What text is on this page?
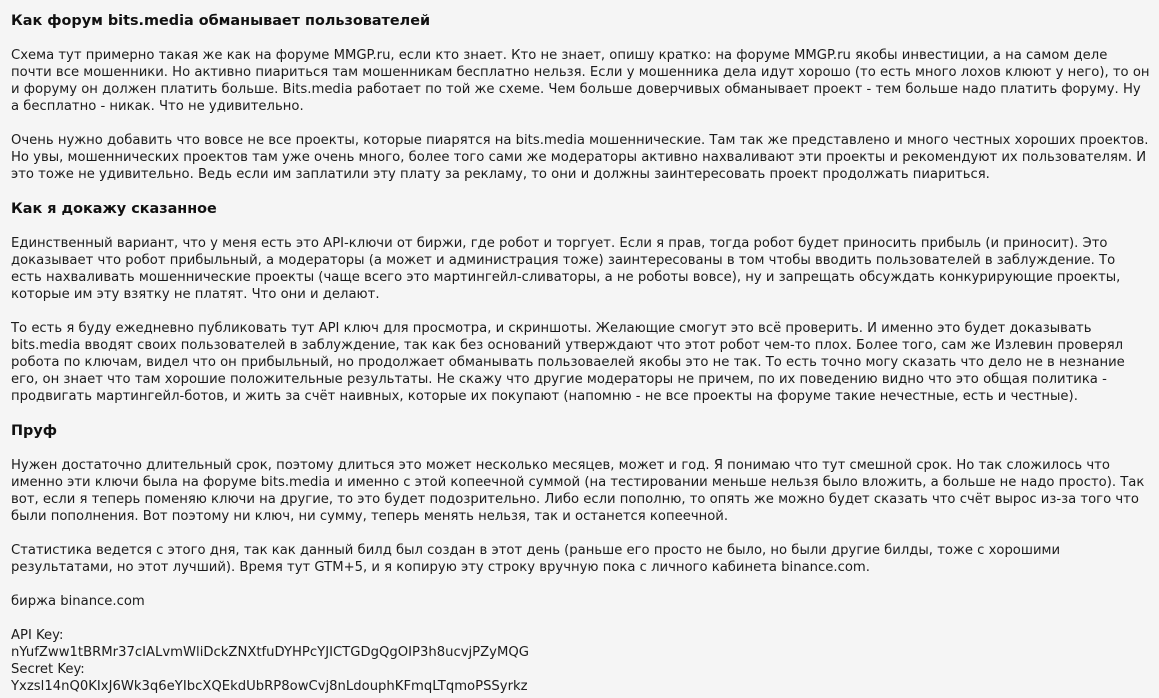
Как форум bits.media обманывает пользователей

Схема тут примерно такая же как на форуме MMGP.ru, если кто знает. Кто не знает, опишу кратко: на форуме MMGP.ru якобы инвестиции, а на самом деле почти все мошенники. Но активно пиариться там мошенникам бесплатно нельзя. Если у мошенника дела идут хорошо (то есть много лохов клюют у него), то он и форуму он должен платить больше. Bits.media работает по той же схеме. Чем больше доверчивых обманывает проект - тем больше надо платить форуму. Ну а бесплатно - никак. Что не удивительно.

Очень нужно добавить что вовсе не все проекты, которые пиарятся на bits.media мошеннические. Там так же представлено и много честных хороших проектов. Но увы, мошеннических проектов там уже очень много, более того сами же модераторы активно нахваливают эти проекты и рекомендуют их пользователям. И это тоже не удивительно. Ведь если им заплатили эту плату за рекламу, то они и должны заинтересовать проект продолжать пиариться.

Как я докажу сказанное

Единственный вариант, что у меня есть это API-ключи от биржи, где робот и торгует. Если я прав, тогда робот будет приносить прибыль (и приносит). Это доказывает что робот прибыльный, а модераторы (а может и администрация тоже) заинтересованы в том чтобы вводить пользователей в заблуждение. То есть нахваливать мошеннические проекты (чаще всего это мартингейл-сливаторы, а не роботы вовсе), ну и запрещать обсуждать конкурирующие проекты, которые им эту взятку не платят. Что они и делают.

То есть я буду ежедневно публиковать тут API ключ для просмотра, и скриншоты. Желающие смогут это всё проверить. И именно это будет доказывать bits.media вводят своих пользователей в заблуждение, так как без оснований утверждают что этот робот чем-то плох. Более того, сам же Излевин проверял робота по ключам, видел что он прибыльный, но продолжает обманывать пользоваелей якобы это не так. То есть точно могу сказать что дело не в незнание его, он знает что там хорошие положительные результаты. Не скажу что другие модераторы не причем, по их поведению видно что это общая политика - продвигать мартингейл-ботов, и жить за счёт наивных, которые их покупают (напомню - не все проекты на форуме такие нечестные, есть и честные).

Пруф

Нужен достаточно длительный срок, поэтому длиться это может несколько месяцев, может и год. Я понимаю что тут смешной срок. Но так сложилось что именно эти ключи была на форуме bits.media и именно с этой копеечной суммой (на тестировании меньше нельзя было вложить, а больше не надо просто). Так вот, если я теперь поменяю ключи на другие, то это будет подозрительно. Либо если пополню, то опять же можно будет сказать что счёт вырос из-за того что были пополнения. Вот поэтому ни ключ, ни сумму, теперь менять нельзя, так и останется копеечной.

Статистика ведется с этого дня, так как данный билд был создан в этот день (раньше его просто не было, но были другие билды, тоже с хорошими результатами, но этот лучший). Время тут GTM+5, и я копирую эту строку вручную пока с личного кабинета binance.com.

биржа binance.com

API Key:
nYufZww1tBRMr37cIALvmWliDckZNXtfuDYHPcYJICTGDgQgOIP3h8ucvjPZyMQG
Secret Key:
Yxzsl14nQ0KIxJ6Wk3q6eYIbcXQEkdUbRP8owCvj8nLdouphKFmqLTqmoPSSyrkz
